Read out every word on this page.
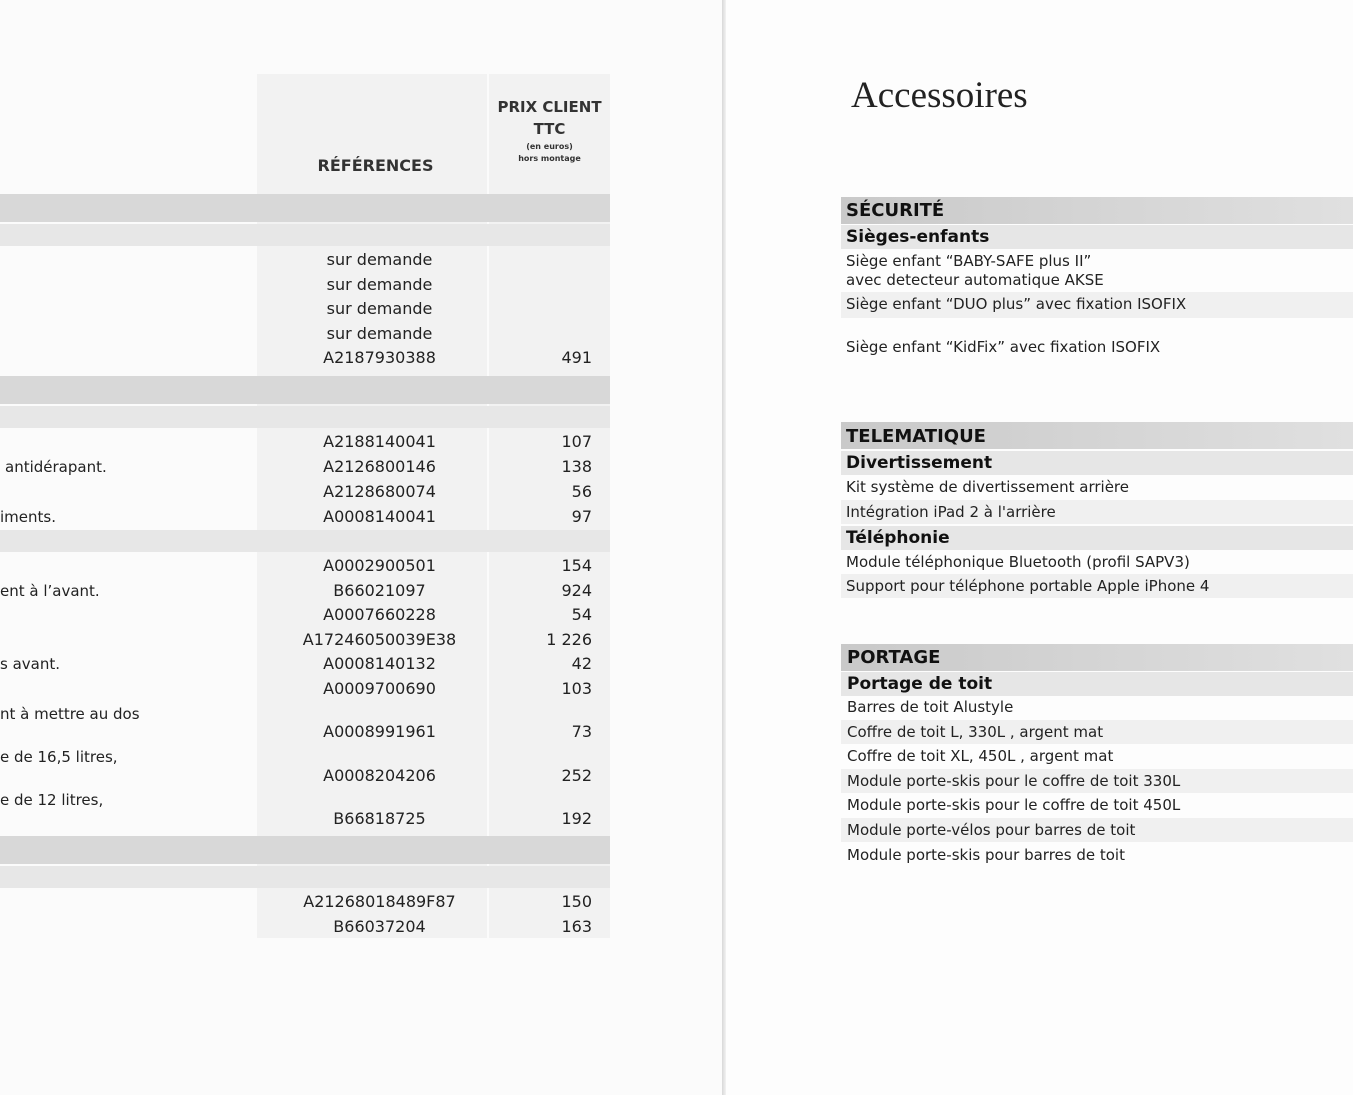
RÉFÉRENCES
PRIX CLIENT
TTC
(en euros)
hors montage
sur demande
sur demande
sur demande
sur demande
A2187930388	491
A2188140041	107
antidérapant.	A2126800146	138
A2128680074	56
iments.	A0008140041	97
A0002900501	154
ent à l’avant.	B66021097	924
A0007660228	54
A17246050039E38	1 226
s avant.	A0008140132	42
A0009700690	103
nt à mettre au dos
A0008991961	73
e de 16,5 litres,
A0008204206	252
e de 12 litres,
B66818725	192
A21268018489F87	150
B66037204	163
Accessoires
SÉCURITÉ
Sièges-enfants
Siège enfant “BABY-SAFE plus II”
avec detecteur automatique AKSE
Siège enfant “DUO plus” avec fixation ISOFIX
Siège enfant “KidFix” avec fixation ISOFIX
TELEMATIQUE
Divertissement
Kit système de divertissement arrière
Intégration iPad 2 à l'arrière
Téléphonie
Module téléphonique Bluetooth (profil SAPV3)
Support pour téléphone portable Apple iPhone 4
PORTAGE
Portage de toit
Barres de toit Alustyle
Coffre de toit L, 330L , argent mat
Coffre de toit XL, 450L , argent mat
Module porte-skis pour le coffre de toit 330L
Module porte-skis pour le coffre de toit 450L
Module porte-vélos pour barres de toit
Module porte-skis pour barres de toit
